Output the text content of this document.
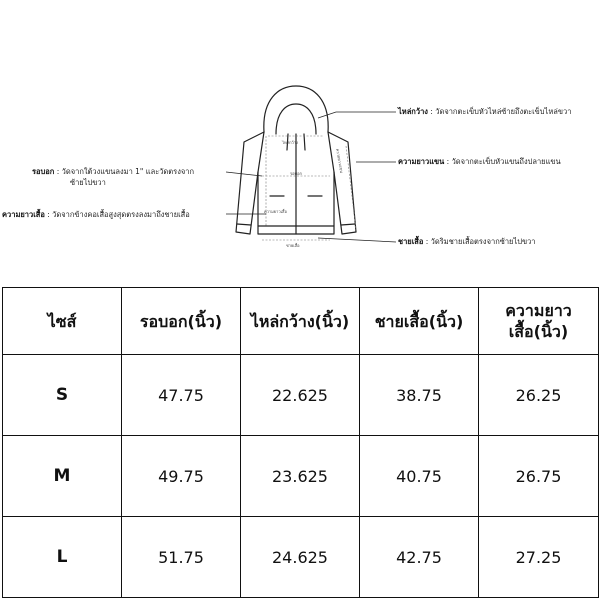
ไหล่กว้าง
รอบอก
ความยาวเสื้อ
ความยาวแขน
ชายเสื้อ
ไหล่กว้าง : วัดจากตะเข็บหัวไหล่ซ้ายถึงตะเข็บไหล่ขวา
ความยาวแขน : วัดจากตะเข็บหัวแขนถึงปลายแขน
รอบอก : วัดจากใต้วงแขนลงมา 1" และวัดตรงจาก
ซ้ายไปขวา
ความยาวเสื้อ : วัดจากข้างคอเสื้อสูงสุดตรงลงมาถึงชายเสื้อ
ชายเสื้อ : วัดริมชายเสื้อตรงจากซ้ายไปขวา
ไซส์	รอบอก(นิ้ว)	ไหล่กว้าง(นิ้ว)	ชายเสื้อ(นิ้ว)	ความยาว
เสื้อ(นิ้ว)

S	47.75	22.625	38.75	26.25
M	49.75	23.625	40.75	26.75
L	51.75	24.625	42.75	27.25
